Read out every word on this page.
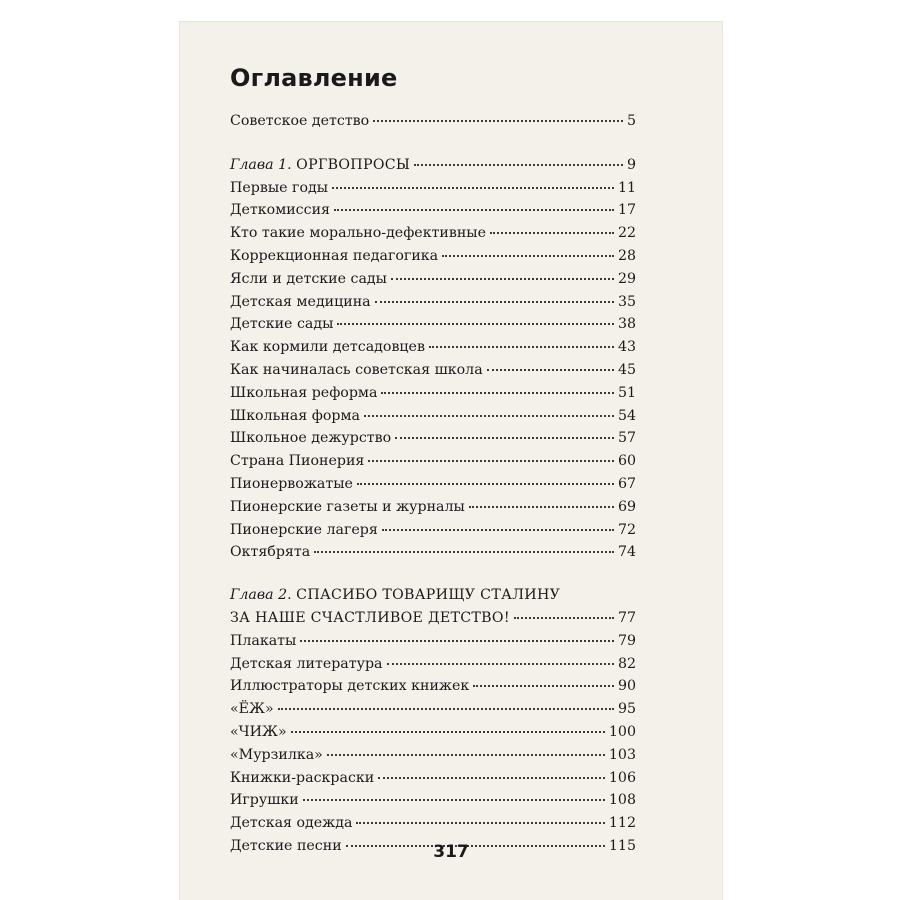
Оглавление
Советское детство	5
Глава 1. ОРГВОПРОСЫ	9
Первые годы	11
Деткомиссия	17
Кто такие морально-дефективные	22
Коррекционная педагогика	28
Ясли и детские сады	29
Детская медицина	35
Детские сады	38
Как кормили детсадовцев	43
Как начиналась советская школа	45
Школьная реформа	51
Школьная форма	54
Школьное дежурство	57
Страна Пионерия	60
Пионервожатые	67
Пионерские газеты и журналы	69
Пионерские лагеря	72
Октябрята	74
Глава 2. СПАСИБО ТОВАРИЩУ СТАЛИНУ
ЗА НАШЕ СЧАСТЛИВОЕ ДЕТСТВО!	77
Плакаты	79
Детская литература	82
Иллюстраторы детских книжек	90
«ЁЖ»	95
«ЧИЖ»	100
«Мурзилка»	103
Книжки-раскраски	106
Игрушки	108
Детская одежда	112
Детские песни	115
317
